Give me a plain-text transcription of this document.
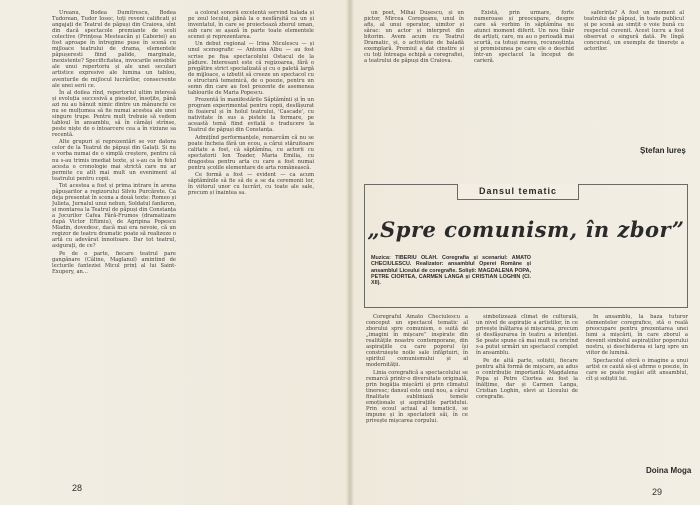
Ureanu, Bodea Dumitrescu, Bodea Tudorean, Tudor Iosec, toți reveni calificati și angajați de Teatrul de păpuși din Craiova, sînt din dacă spectacole premiante de scoli colective (Prințesa Mesteacăn și Caboriei) au fost aproape în întregime puse în scenă cu mijloace teatrului de drama, elementele păpușeresti fiind palide, marginale, inexistente? Specificitatea, invocarile sensibile ale unui repertoriu și ale unei seculari artistice expresive ale lumina un tablou, aventurile de mijlocul lucrărilor, consecvente ale unei serii ce.

În al doilea rînd, repertoriul ultim interesă și evoluția succesivă a pieselor, însoțite, până azi nu au bănuit nimic dintre un mănunchi ce nu se mulțumea să fie numai acestea ale unei singure trupe. Pentru mult trebuie să vedem tabloul în ansamblu, să în cămăși strînse, peste niște de o întoarcere cea a în viziune sa recentă.

Alte grupuri și reprezentări se vor datora celor de la Teatrul de păpuși din Galați. Și nu e vorba numai de o simplă creștere, pentru că nu s-au trimis imediat texte, și s-au ca în felul acesta o cronologie mai strictă care nu ar permite cu atît mai mult un eveniment al teatrului pentru copii.

Tot acestea a fost și prima intrare în arena păpușarilor a regizorului Silviu Purcărete. Ca deja presentat în scena a două texte: Romeo și Julieta, Jurnalul unui nebun, Soldatul fanfaron, și montarea la Teatrul de păpuși din Constanța a Jocurilor Cafea Fără-Frumos (dramatizare după Victor Eftimiu), de Agripina Popescu Mladin, dovedesc, dacă mai era nevoie, că un regizor de teatru dramatic poate să realizeze o artă cu adevărat înnoitoare. Dar tot teatrul, asigurați, de ce?

Pe de o parte, fiecare teatrul pare gangănare (Câline, Maglanul) amintind de lecturile fanteziei Micul prinț al lui Saint-Exupery, an...

a colorat sonoră excelentă servind balada și pe zeul locului, până la o nesfârșită ca un și inventatul, în care se proiectează zborul uman, sub care se așază în parte toate elementele scenei și reprezentarea.

Un debut regional — Irina Niculescu — și unul scenografic — Antonia Albu — au fost scrise pe fișa spectacolului Ostacul de la pădure. Interesant este că regizoarea, fără o pregătire strict specializată și cu o paletă largă de mijloace, a izbutit să creeze un spectacol cu o structură temeinică, de o poezie, pentru un semn din care au fost prezente de asemenea tablourile de Maria Popescu.

Prezentă în manifestările Săptămînii și în un program experimental pentru copii, desfășurat în foaierul și în holul teatrului, 'Cascade', cu nativitate în sus a pistele la formare, pe această temă fiind evitată o traducere la Teatrul de păpuși din Constanța.

Admițînd performanțele, remarcăm că nu se poate încheia fără un ecou, a cărui stăruitoare calitate a fost, că săptămîna, cu actorii cu spectatorii Ion Toader, Maria Emilia, cu dragostea pentru arta cu care a fost numai pentru școlile elementare de arta românească.

Ce formă a fost — evident — ca acum săptămînile să fie să de a se da ceremonii lor, în viitorul unor cu lucrări, cu toate ale sale, precum și înaintea sa.

28

un poet, Mihai Dușescu, și un pictor, Mircea Corogeanu, unul în afiș, al unui operator, uimitor și sărac: un actor și interpret din bitorim. Avem acum cu Teatrul Dramatic, și, o activitate de baladă exemplară. Premiul a dat cinstire și cu toți întreaga echipă a coregrafiei, a teatrului de păpuși din Craiova.

Există, prin urmare, forte numeroase și preocupare, despre care să vorbim în săptămîna nu atunci moment diferit. Un nou tînăr de artiști, care, nu au o perioadă mai scurtă, ca totuși mereu, recunoștința și promisiunea pe care ele o deschid într-un spectacol la început de carieră.

saferința? A fost un moment al teatrului de păpuși, în toate publicul și pe scenă au simțit o voie bună cu respectul cuvenit. Acest lucru a fost observat o singură dată. Pe lîngă concursul, un exemplu de tinerețe a actorilor.

Ștefan Iureș
Dansul tematic
„Spre comunism, în zbor”
Muzica: TIBERIU OLAH. Coregrafia și scenariul: AMATO CHECIULESCU. Realizator: ansamblul Operei Române și ansamblul Liceului de coregrafie. Soliști: MAGDALENA POPA, PETRE CIORTEA, CARMEN LANGA și CRISTIAN LOGHIN (Cl. XII).

Coregraful Amato Checiulescu a conceput un spectacol tematic al zborului spre comunism, o suită de „imagini în mișcare” inspirate din realitățile noastre contemporane, din aspirațiile cu care poporul își construiește noile sale înfăptuiri, în spiritul comunismului și al modernității.

Linia coregrafică a spectacolului se remarcă printr-o diversitate originală, prin bogăția mișcării și prin climatul tineresc; dansul este unul nou, a cărui finalitate subliniază temele emoționale și aspirațiile partidului. Prin ecoul actual al tematicii, se impune și în spectatorii săi, în ce privește mișcarea corpului.

simbolizează climat de culturală, un nivel de aspirație a artistilor, în ce privește înălțarea și mișcarea, precum și desfășurarea în teatru a intenției. Se poate spune că mai mult ca oricînd s-a putut urmări un spectacol complet în ansamblu.

Pe de altă parte, soliștii, fiecare pentru altă formă de mișcare, au adus o contribuție importantă: Magdalena Popa și Petre Ciortea au fost la înălțime, dar și Carmen Langa, Cristian Loghin, elevi ai Liceului de coregrafie.

În ansamblu, la baza tuturor elementelor coregrafice, stă o reală preocupare pentru prezentarea unei lumi a mișcării, în care zborul a devenit simbolul aspirațiilor poporului nostru, și deschiderea ei larg spre un viitor de lumină.

Spectacolul oferă o imagine a unui artist ce caută să-și afirme o poezie, în care se poate regăsi atît ansamblul, cît și soliștii lui.

Doina Moga
29
